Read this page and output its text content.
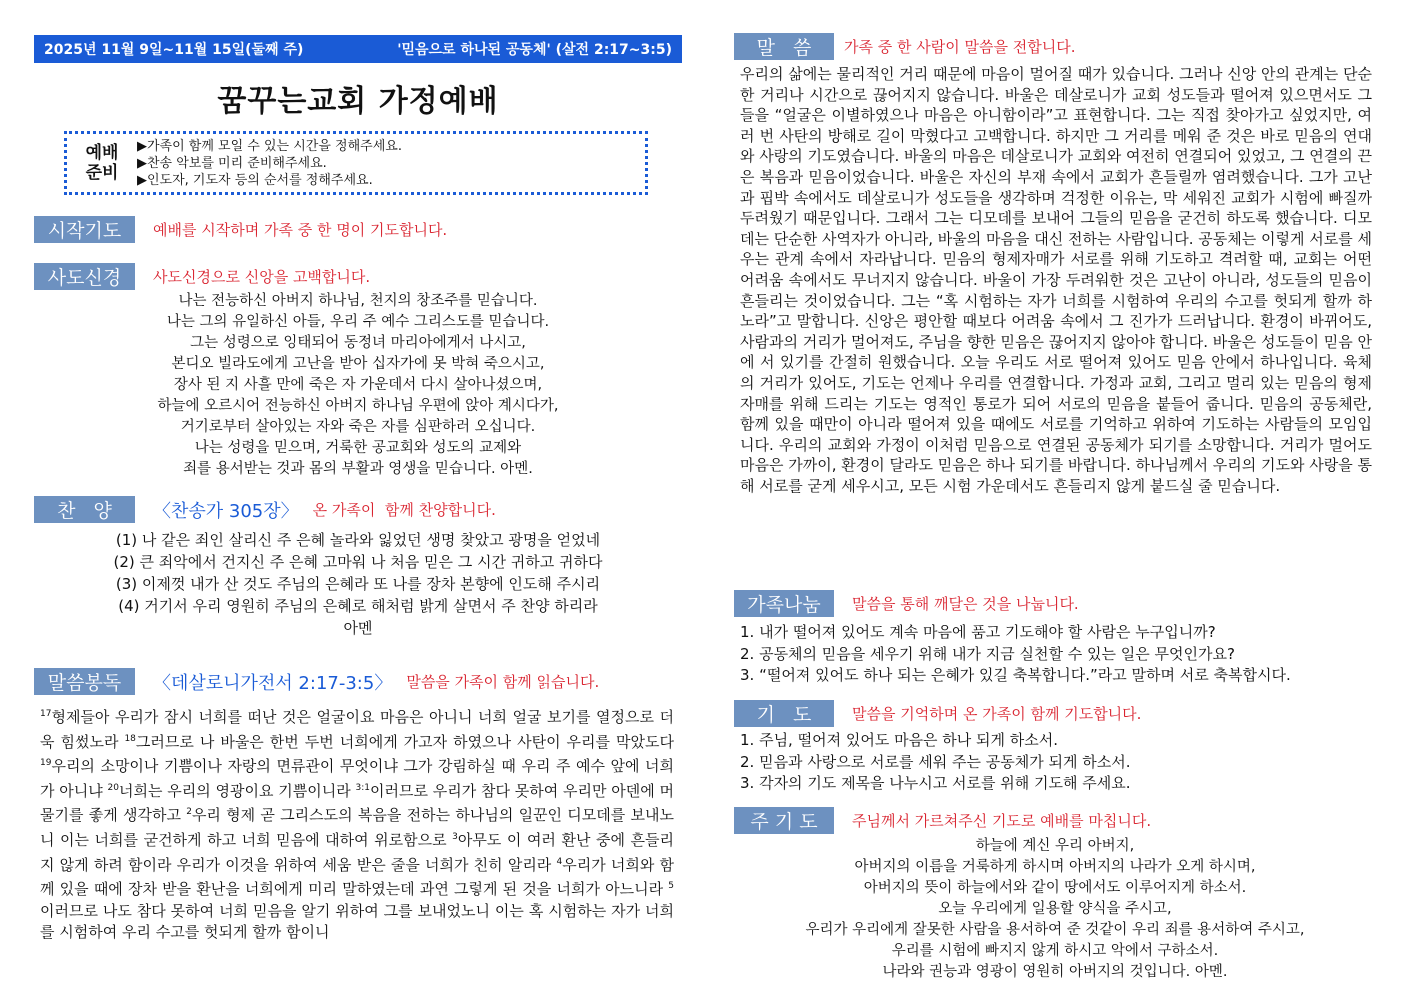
2025년 11월 9일~11월 15일(둘째 주)	'믿음으로 하나된 공동체' (살전 2:17~3:5)
꿈꾸는교회 가정예배
예배
준비
▶가족이 함께 모일 수 있는 시간을 정해주세요.
▶찬송 악보를 미리 준비해주세요.
▶인도자, 기도자 등의 순서를 정해주세요.
시작기도	예배를 시작하며 가족 중 한 명이 기도합니다.
사도신경	사도신경으로 신앙을 고백합니다.
나는 전능하신 아버지 하나님, 천지의 창조주를 믿습니다.
나는 그의 유일하신 아들, 우리 주 예수 그리스도를 믿습니다.
그는 성령으로 잉태되어 동정녀 마리아에게서 나시고,
본디오 빌라도에게 고난을 받아 십자가에 못 박혀 죽으시고,
장사 된 지 사흘 만에 죽은 자 가운데서 다시 살아나셨으며,
하늘에 오르시어 전능하신 아버지 하나님 우편에 앉아 계시다가,
거기로부터 살아있는 자와 죽은 자를 심판하러 오십니다.
나는 성령을 믿으며, 거룩한 공교회와 성도의 교제와
죄를 용서받는 것과 몸의 부활과 영생을 믿습니다. 아멘.
찬   양	〈찬송가 305장〉 온 가족이  함께 찬양합니다.
(1) 나 같은 죄인 살리신 주 은혜 놀라와 잃었던 생명 찾았고 광명을 얻었네
(2) 큰 죄악에서 건지신 주 은혜 고마워 나 처음 믿은 그 시간 귀하고 귀하다
(3) 이제껏 내가 산 것도 주님의 은혜라 또 나를 장차 본향에 인도해 주시리
(4) 거기서 우리 영원히 주님의 은혜로 해처럼 밝게 살면서 주 찬양 하리라
아멘
말씀봉독	〈데살로니가전서 2:17-3:5〉 말씀을 가족이 함께 읽습니다.
$^{17}$형제들아 우리가 잠시 너희를 떠난 것은 얼굴이요 마음은 아니니 너희 얼굴 보기를 열정으로 더욱 힘썼노라 $^{18}$그러므로 나 바울은 한번 두번 너희에게 가고자 하였으나 사탄이 우리를 막았도다 $^{19}$우리의 소망이나 기쁨이나 자랑의 면류관이 무엇이냐 그가 강림하실 때 우리 주 예수 앞에 너희가 아니냐 $^{20}$너희는 우리의 영광이요 기쁨이니라 $^{3:1}$이러므로 우리가 참다 못하여 우리만 아덴에 머물기를 좋게 생각하고 $^2$우리 형제 곧 그리스도의 복음을 전하는 하나님의 일꾼인 디모데를 보내노니 이는 너희를 굳건하게 하고 너희 믿음에 대하여 위로함으로 $^3$아무도 이 여러 환난 중에 흔들리지 않게 하려 함이라 우리가 이것을 위하여 세움 받은 줄을 너희가 친히 알리라 $^4$우리가 너희와 함께 있을 때에 장차 받을 환난을 너희에게 미리 말하였는데 과연 그렇게 된 것을 너희가 아느니라 $^5$이러므로 나도 참다 못하여 너희 믿음을 알기 위하여 그를 보내었노니 이는 혹 시험하는 자가 너희를 시험하여 우리 수고를 헛되게 할까 함이니
말   씀	가족 중 한 사람이 말씀을 전합니다.
우리의 삶에는 물리적인 거리 때문에 마음이 멀어질 때가 있습니다. 그러나 신앙 안의 관계는 단순한 거리나 시간으로 끊어지지 않습니다. 바울은 데살로니가 교회 성도들과 떨어져 있으면서도 그들을 “얼굴은 이별하였으나 마음은 아니함이라”고 표현합니다. 그는 직접 찾아가고 싶었지만, 여러 번 사탄의 방해로 길이 막혔다고 고백합니다. 하지만 그 거리를 메워 준 것은 바로 믿음의 연대와 사랑의 기도였습니다. 바울의 마음은 데살로니가 교회와 여전히 연결되어 있었고, 그 연결의 끈은 복음과 믿음이었습니다. 바울은 자신의 부재 속에서 교회가 흔들릴까 염려했습니다. 그가 고난과 핍박 속에서도 데살로니가 성도들을 생각하며 걱정한 이유는, 막 세워진 교회가 시험에 빠질까 두려웠기 때문입니다. 그래서 그는 디모데를 보내어 그들의 믿음을 굳건히 하도록 했습니다. 디모데는 단순한 사역자가 아니라, 바울의 마음을 대신 전하는 사람입니다. 공동체는 이렇게 서로를 세우는 관계 속에서 자라납니다. 믿음의 형제자매가 서로를 위해 기도하고 격려할 때, 교회는 어떤 어려움 속에서도 무너지지 않습니다. 바울이 가장 두려워한 것은 고난이 아니라, 성도들의 믿음이 흔들리는 것이었습니다. 그는 “혹 시험하는 자가 너희를 시험하여 우리의 수고를 헛되게 할까 하노라”고 말합니다. 신앙은 평안할 때보다 어려움 속에서 그 진가가 드러납니다. 환경이 바뀌어도, 사람과의 거리가 멀어져도, 주님을 향한 믿음은 끊어지지 않아야 합니다. 바울은 성도들이 믿음 안에 서 있기를 간절히 원했습니다. 오늘 우리도 서로 떨어져 있어도 믿음 안에서 하나입니다. 육체의 거리가 있어도, 기도는 언제나 우리를 연결합니다. 가정과 교회, 그리고 멀리 있는 믿음의 형제자매를 위해 드리는 기도는 영적인 통로가 되어 서로의 믿음을 붙들어 줍니다. 믿음의 공동체란, 함께 있을 때만이 아니라 떨어져 있을 때에도 서로를 기억하고 위하여 기도하는 사람들의 모임입니다. 우리의 교회와 가정이 이처럼 믿음으로 연결된 공동체가 되기를 소망합니다. 거리가 멀어도 마음은 가까이, 환경이 달라도 믿음은 하나 되기를 바랍니다. 하나님께서 우리의 기도와 사랑을 통해 서로를 굳게 세우시고, 모든 시험 가운데서도 흔들리지 않게 붙드실 줄 믿습니다.
가족나눔	말씀을 통해 깨달은 것을 나눕니다.
1. 내가 떨어져 있어도 계속 마음에 품고 기도해야 할 사람은 누구입니까?
2. 공동체의 믿음을 세우기 위해 내가 지금 실천할 수 있는 일은 무엇인가요?
3. “떨어져 있어도 하나 되는 은혜가 있길 축복합니다.”라고 말하며 서로 축복합시다.
기   도	말씀을 기억하며 온 가족이 함께 기도합니다.
1. 주님, 떨어져 있어도 마음은 하나 되게 하소서.
2. 믿음과 사랑으로 서로를 세워 주는 공동체가 되게 하소서.
3. 각자의 기도 제목을 나누시고 서로를 위해 기도해 주세요.
주 기 도	주님께서 가르쳐주신 기도로 예배를 마칩니다.
하늘에 계신 우리 아버지,
아버지의 이름을 거룩하게 하시며 아버지의 나라가 오게 하시며,
아버지의 뜻이 하늘에서와 같이 땅에서도 이루어지게 하소서.
오늘 우리에게 일용할 양식을 주시고,
우리가 우리에게 잘못한 사람을 용서하여 준 것같이 우리 죄를 용서하여 주시고,
우리를 시험에 빠지지 않게 하시고 악에서 구하소서.
나라와 권능과 영광이 영원히 아버지의 것입니다. 아멘.
